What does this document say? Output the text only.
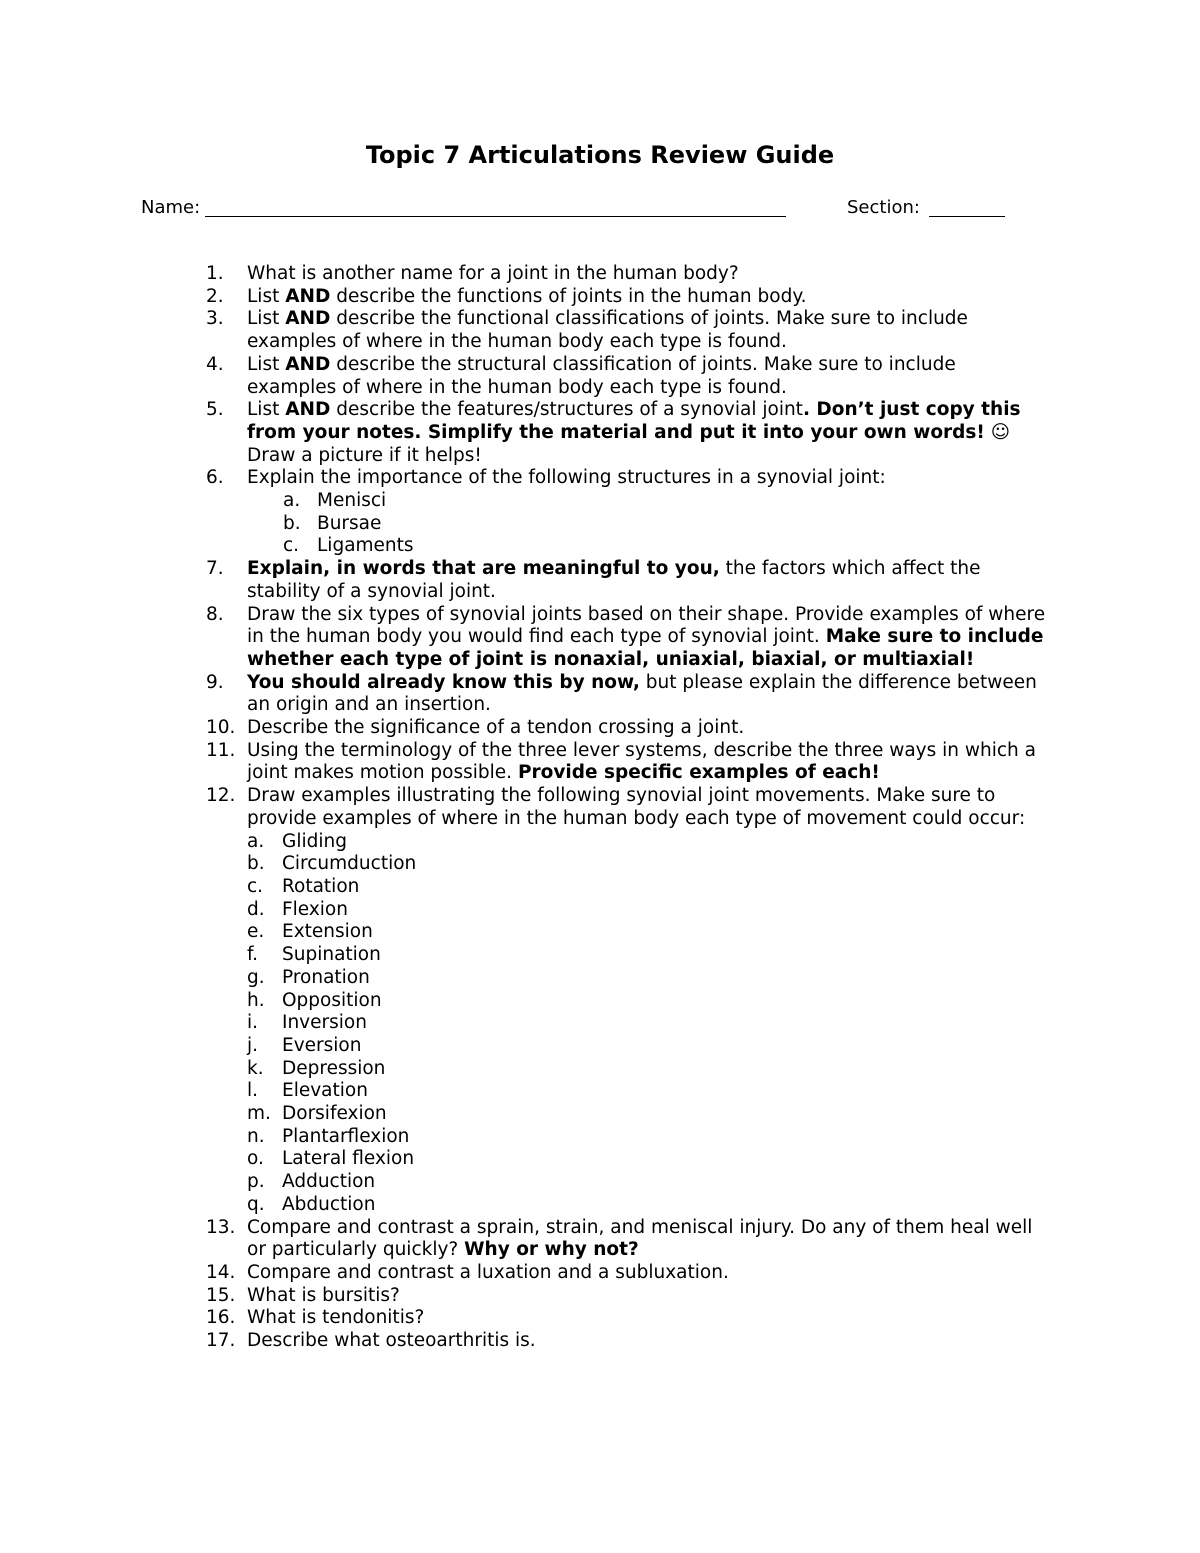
Topic 7 Articulations Review Guide
Name:	Section:
1.	What is another name for a joint in the human body?
2.	List AND describe the functions of joints in the human body.
3.	List AND describe the functional classifications of joints. Make sure to include examples of where in the human body each type is found.
4.	List AND describe the structural classification of joints. Make sure to include examples of where in the human body each type is found.
5.	List AND describe the features/structures of a synovial joint. Don’t just copy this from your notes. Simplify the material and put it into your own words! ☺ Draw a picture if it helps!
6.	Explain the importance of the following structures in a synovial joint:
a. Menisci
b. Bursae
c. Ligaments
7.	Explain, in words that are meaningful to you, the factors which affect the stability of a synovial joint.
8.	Draw the six types of synovial joints based on their shape. Provide examples of where in the human body you would find each type of synovial joint. Make sure to include whether each type of joint is nonaxial, uniaxial, biaxial, or multiaxial!
9.	You should already know this by now, but please explain the difference between an origin and an insertion.
10. Describe the significance of a tendon crossing a joint.
11. Using the terminology of the three lever systems, describe the three ways in which a joint makes motion possible. Provide specific examples of each!
12. Draw examples illustrating the following synovial joint movements. Make sure to provide examples of where in the human body each type of movement could occur:
a. Gliding
b. Circumduction
c. Rotation
d. Flexion
e. Extension
f. Supination
g. Pronation
h. Opposition
i. Inversion
j. Eversion
k. Depression
l. Elevation
m. Dorsifexion
n. Plantarflexion
o. Lateral flexion
p. Adduction
q. Abduction
13. Compare and contrast a sprain, strain, and meniscal injury. Do any of them heal well or particularly quickly? Why or why not?
14. Compare and contrast a luxation and a subluxation.
15. What is bursitis?
16. What is tendonitis?
17. Describe what osteoarthritis is.
